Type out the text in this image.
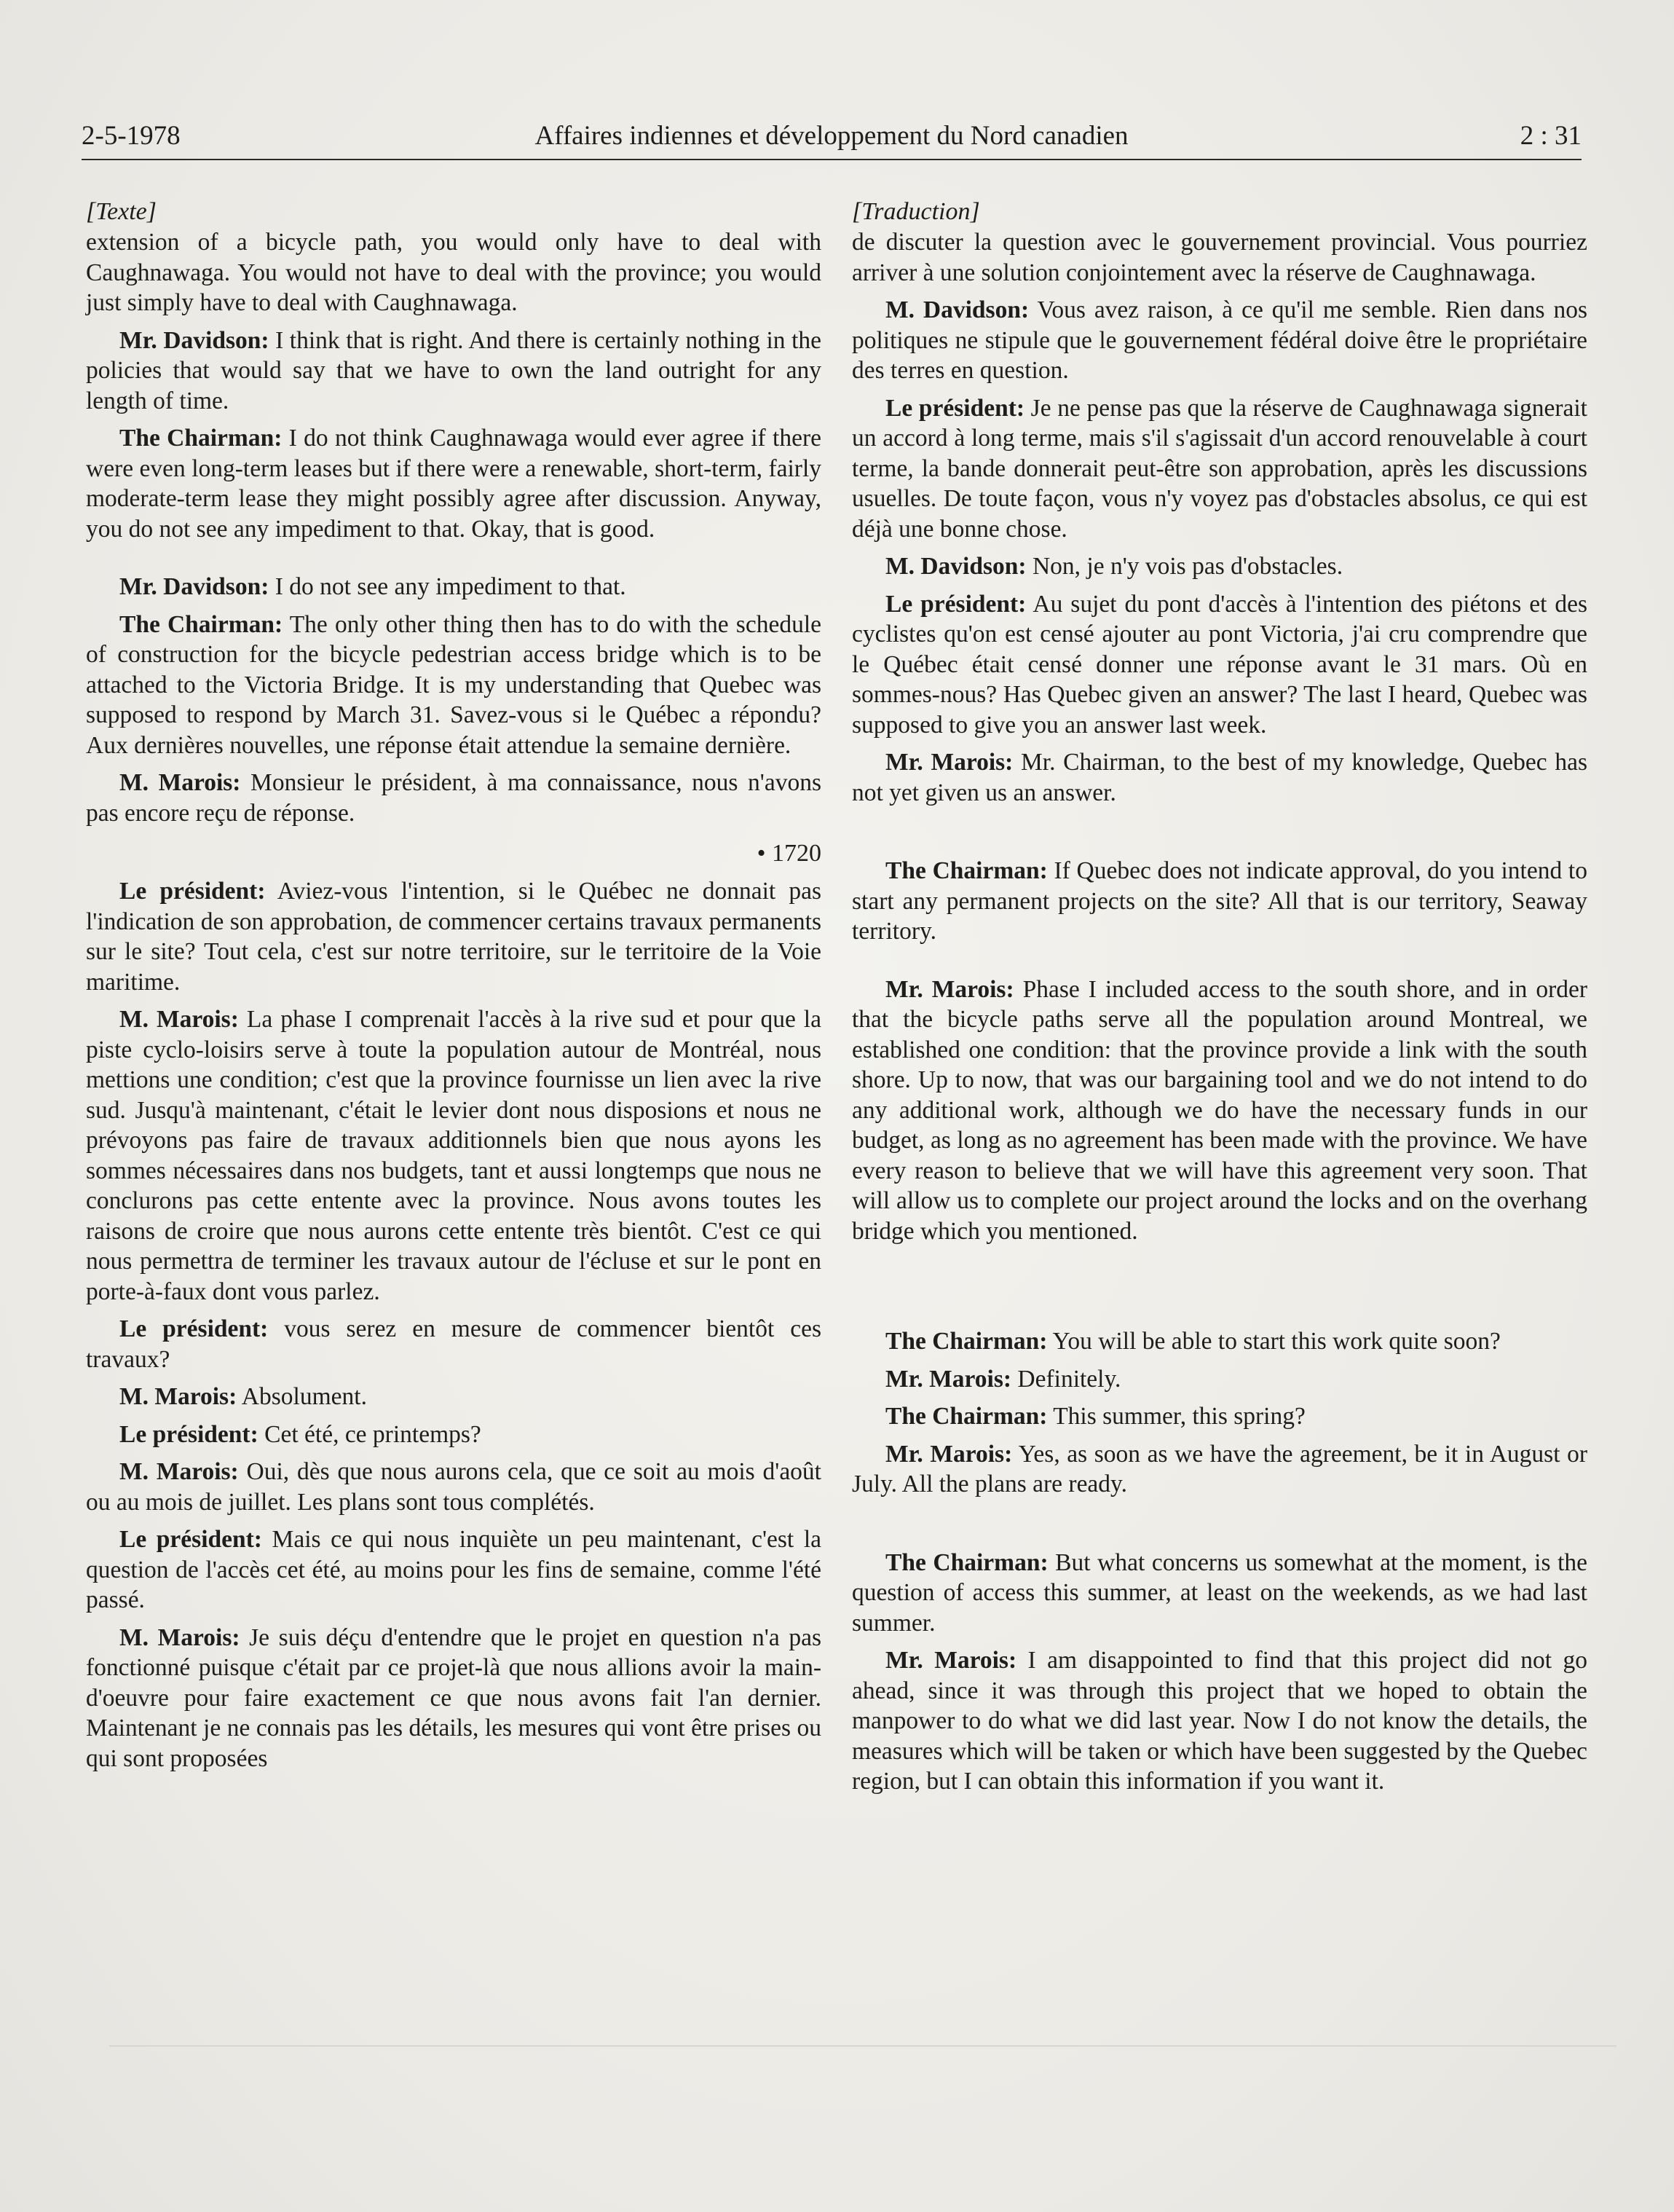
2-5-1978	Affaires indiennes et développement du Nord canadien	2 : 31
[Texte]

extension of a bicycle path, you would only have to deal with Caughnawaga. You would not have to deal with the province; you would just simply have to deal with Caughnawaga.

Mr. Davidson: I think that is right. And there is certainly nothing in the policies that would say that we have to own the land outright for any length of time.

The Chairman: I do not think Caughnawaga would ever agree if there were even long-term leases but if there were a renewable, short-term, fairly moderate-term lease they might possibly agree after discussion. Anyway, you do not see any impediment to that. Okay, that is good.

Mr. Davidson: I do not see any impediment to that.

The Chairman: The only other thing then has to do with the schedule of construction for the bicycle pedestrian access bridge which is to be attached to the Victoria Bridge. It is my understanding that Quebec was supposed to respond by March 31. Savez-vous si le Québec a répondu? Aux dernières nouvelles, une réponse était attendue la semaine dernière.

M. Marois: Monsieur le président, à ma connaissance, nous n'avons pas encore reçu de réponse.

• 1720

Le président: Aviez-vous l'intention, si le Québec ne donnait pas l'indication de son approbation, de commencer certains travaux permanents sur le site? Tout cela, c'est sur notre territoire, sur le territoire de la Voie maritime.

M. Marois: La phase I comprenait l'accès à la rive sud et pour que la piste cyclo-loisirs serve à toute la population autour de Montréal, nous mettions une condition; c'est que la province fournisse un lien avec la rive sud. Jusqu'à maintenant, c'était le levier dont nous disposions et nous ne prévoyons pas faire de travaux additionnels bien que nous ayons les sommes nécessaires dans nos budgets, tant et aussi longtemps que nous ne conclurons pas cette entente avec la province. Nous avons toutes les raisons de croire que nous aurons cette entente très bientôt. C'est ce qui nous permettra de terminer les travaux autour de l'écluse et sur le pont en porte-à-faux dont vous parlez.

Le président: vous serez en mesure de commencer bientôt ces travaux?

M. Marois: Absolument.

Le président: Cet été, ce printemps?

M. Marois: Oui, dès que nous aurons cela, que ce soit au mois d'août ou au mois de juillet. Les plans sont tous complétés.

Le président: Mais ce qui nous inquiète un peu maintenant, c'est la question de l'accès cet été, au moins pour les fins de semaine, comme l'été passé.

M. Marois: Je suis déçu d'entendre que le projet en question n'a pas fonctionné puisque c'était par ce projet-là que nous allions avoir la main-d'oeuvre pour faire exactement ce que nous avons fait l'an dernier. Maintenant je ne connais pas les détails, les mesures qui vont être prises ou qui sont proposées

[Traduction]

de discuter la question avec le gouvernement provincial. Vous pourriez arriver à une solution conjointement avec la réserve de Caughnawaga.

M. Davidson: Vous avez raison, à ce qu'il me semble. Rien dans nos politiques ne stipule que le gouvernement fédéral doive être le propriétaire des terres en question.

Le président: Je ne pense pas que la réserve de Caughnawaga signerait un accord à long terme, mais s'il s'agissait d'un accord renouvelable à court terme, la bande donnerait peut-être son approbation, après les discussions usuelles. De toute façon, vous n'y voyez pas d'obstacles absolus, ce qui est déjà une bonne chose.

M. Davidson: Non, je n'y vois pas d'obstacles.

Le président: Au sujet du pont d'accès à l'intention des piétons et des cyclistes qu'on est censé ajouter au pont Victoria, j'ai cru comprendre que le Québec était censé donner une réponse avant le 31 mars. Où en sommes-nous? Has Quebec given an answer? The last I heard, Quebec was supposed to give you an answer last week.

Mr. Marois: Mr. Chairman, to the best of my knowledge, Quebec has not yet given us an answer.

The Chairman: If Quebec does not indicate approval, do you intend to start any permanent projects on the site? All that is our territory, Seaway territory.

Mr. Marois: Phase I included access to the south shore, and in order that the bicycle paths serve all the population around Montreal, we established one condition: that the province provide a link with the south shore. Up to now, that was our bargaining tool and we do not intend to do any additional work, although we do have the necessary funds in our budget, as long as no agreement has been made with the province. We have every reason to believe that we will have this agreement very soon. That will allow us to complete our project around the locks and on the overhang bridge which you mentioned.

The Chairman: You will be able to start this work quite soon?

Mr. Marois: Definitely.

The Chairman: This summer, this spring?

Mr. Marois: Yes, as soon as we have the agreement, be it in August or July. All the plans are ready.

The Chairman: But what concerns us somewhat at the moment, is the question of access this summer, at least on the weekends, as we had last summer.

Mr. Marois: I am disappointed to find that this project did not go ahead, since it was through this project that we hoped to obtain the manpower to do what we did last year. Now I do not know the details, the measures which will be taken or which have been suggested by the Quebec region, but I can obtain this information if you want it.
